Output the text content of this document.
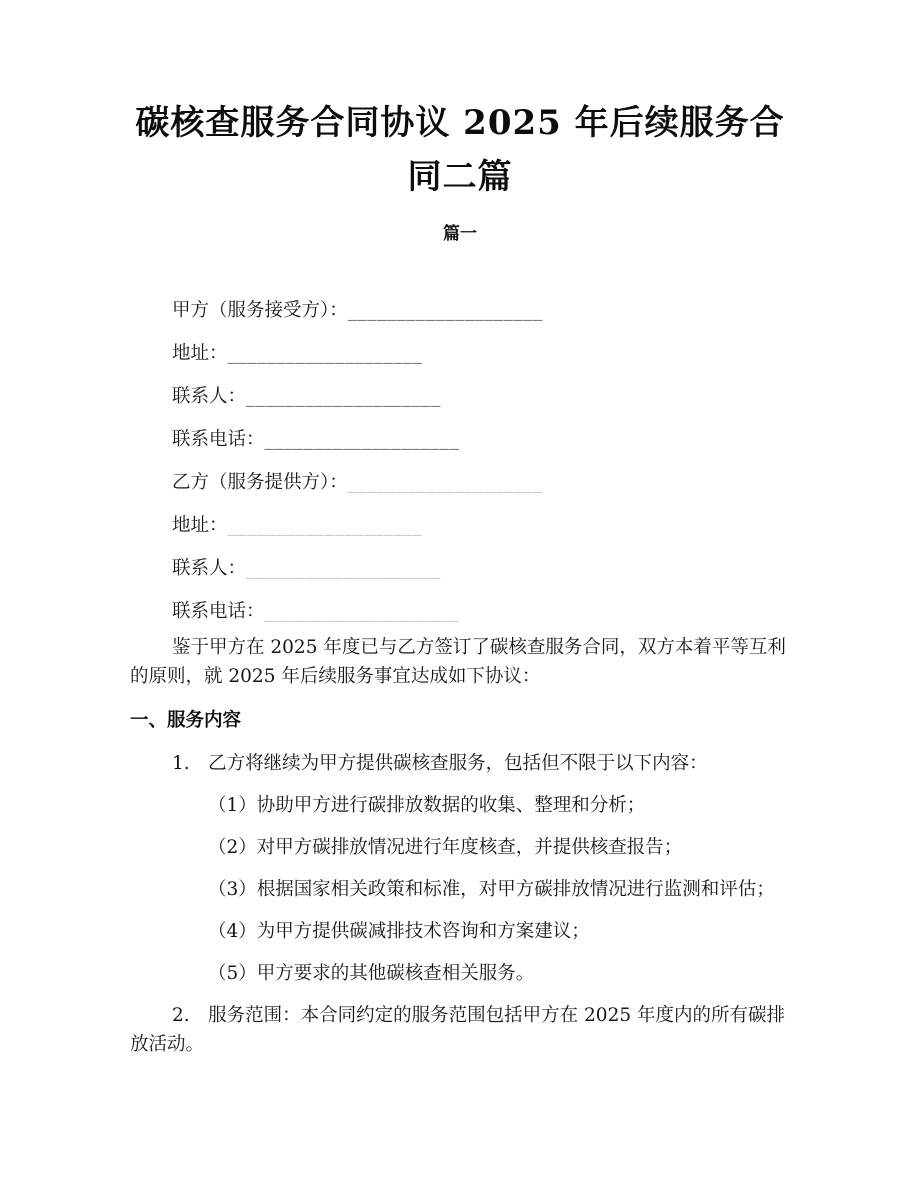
碳核查服务合同协议 2025 年后续服务合同二篇
篇一

甲方（服务接受方）：____________________

地址：____________________

联系人：____________________

联系电话：____________________

乙方（服务提供方）：____________________

地址：____________________

联系人：____________________

联系电话：____________________

鉴于甲方在 2025 年度已与乙方签订了碳核查服务合同，双方本着平等互利的原则，就 2025 年后续服务事宜达成如下协议：

一、服务内容

1.　乙方将继续为甲方提供碳核查服务，包括但不限于以下内容：

（1）协助甲方进行碳排放数据的收集、整理和分析；

（2）对甲方碳排放情况进行年度核查，并提供核查报告；

（3）根据国家相关政策和标准，对甲方碳排放情况进行监测和评估；

（4）为甲方提供碳减排技术咨询和方案建议；

（5）甲方要求的其他碳核查相关服务。

2.　服务范围：本合同约定的服务范围包括甲方在 2025 年度内的所有碳排放活动。
